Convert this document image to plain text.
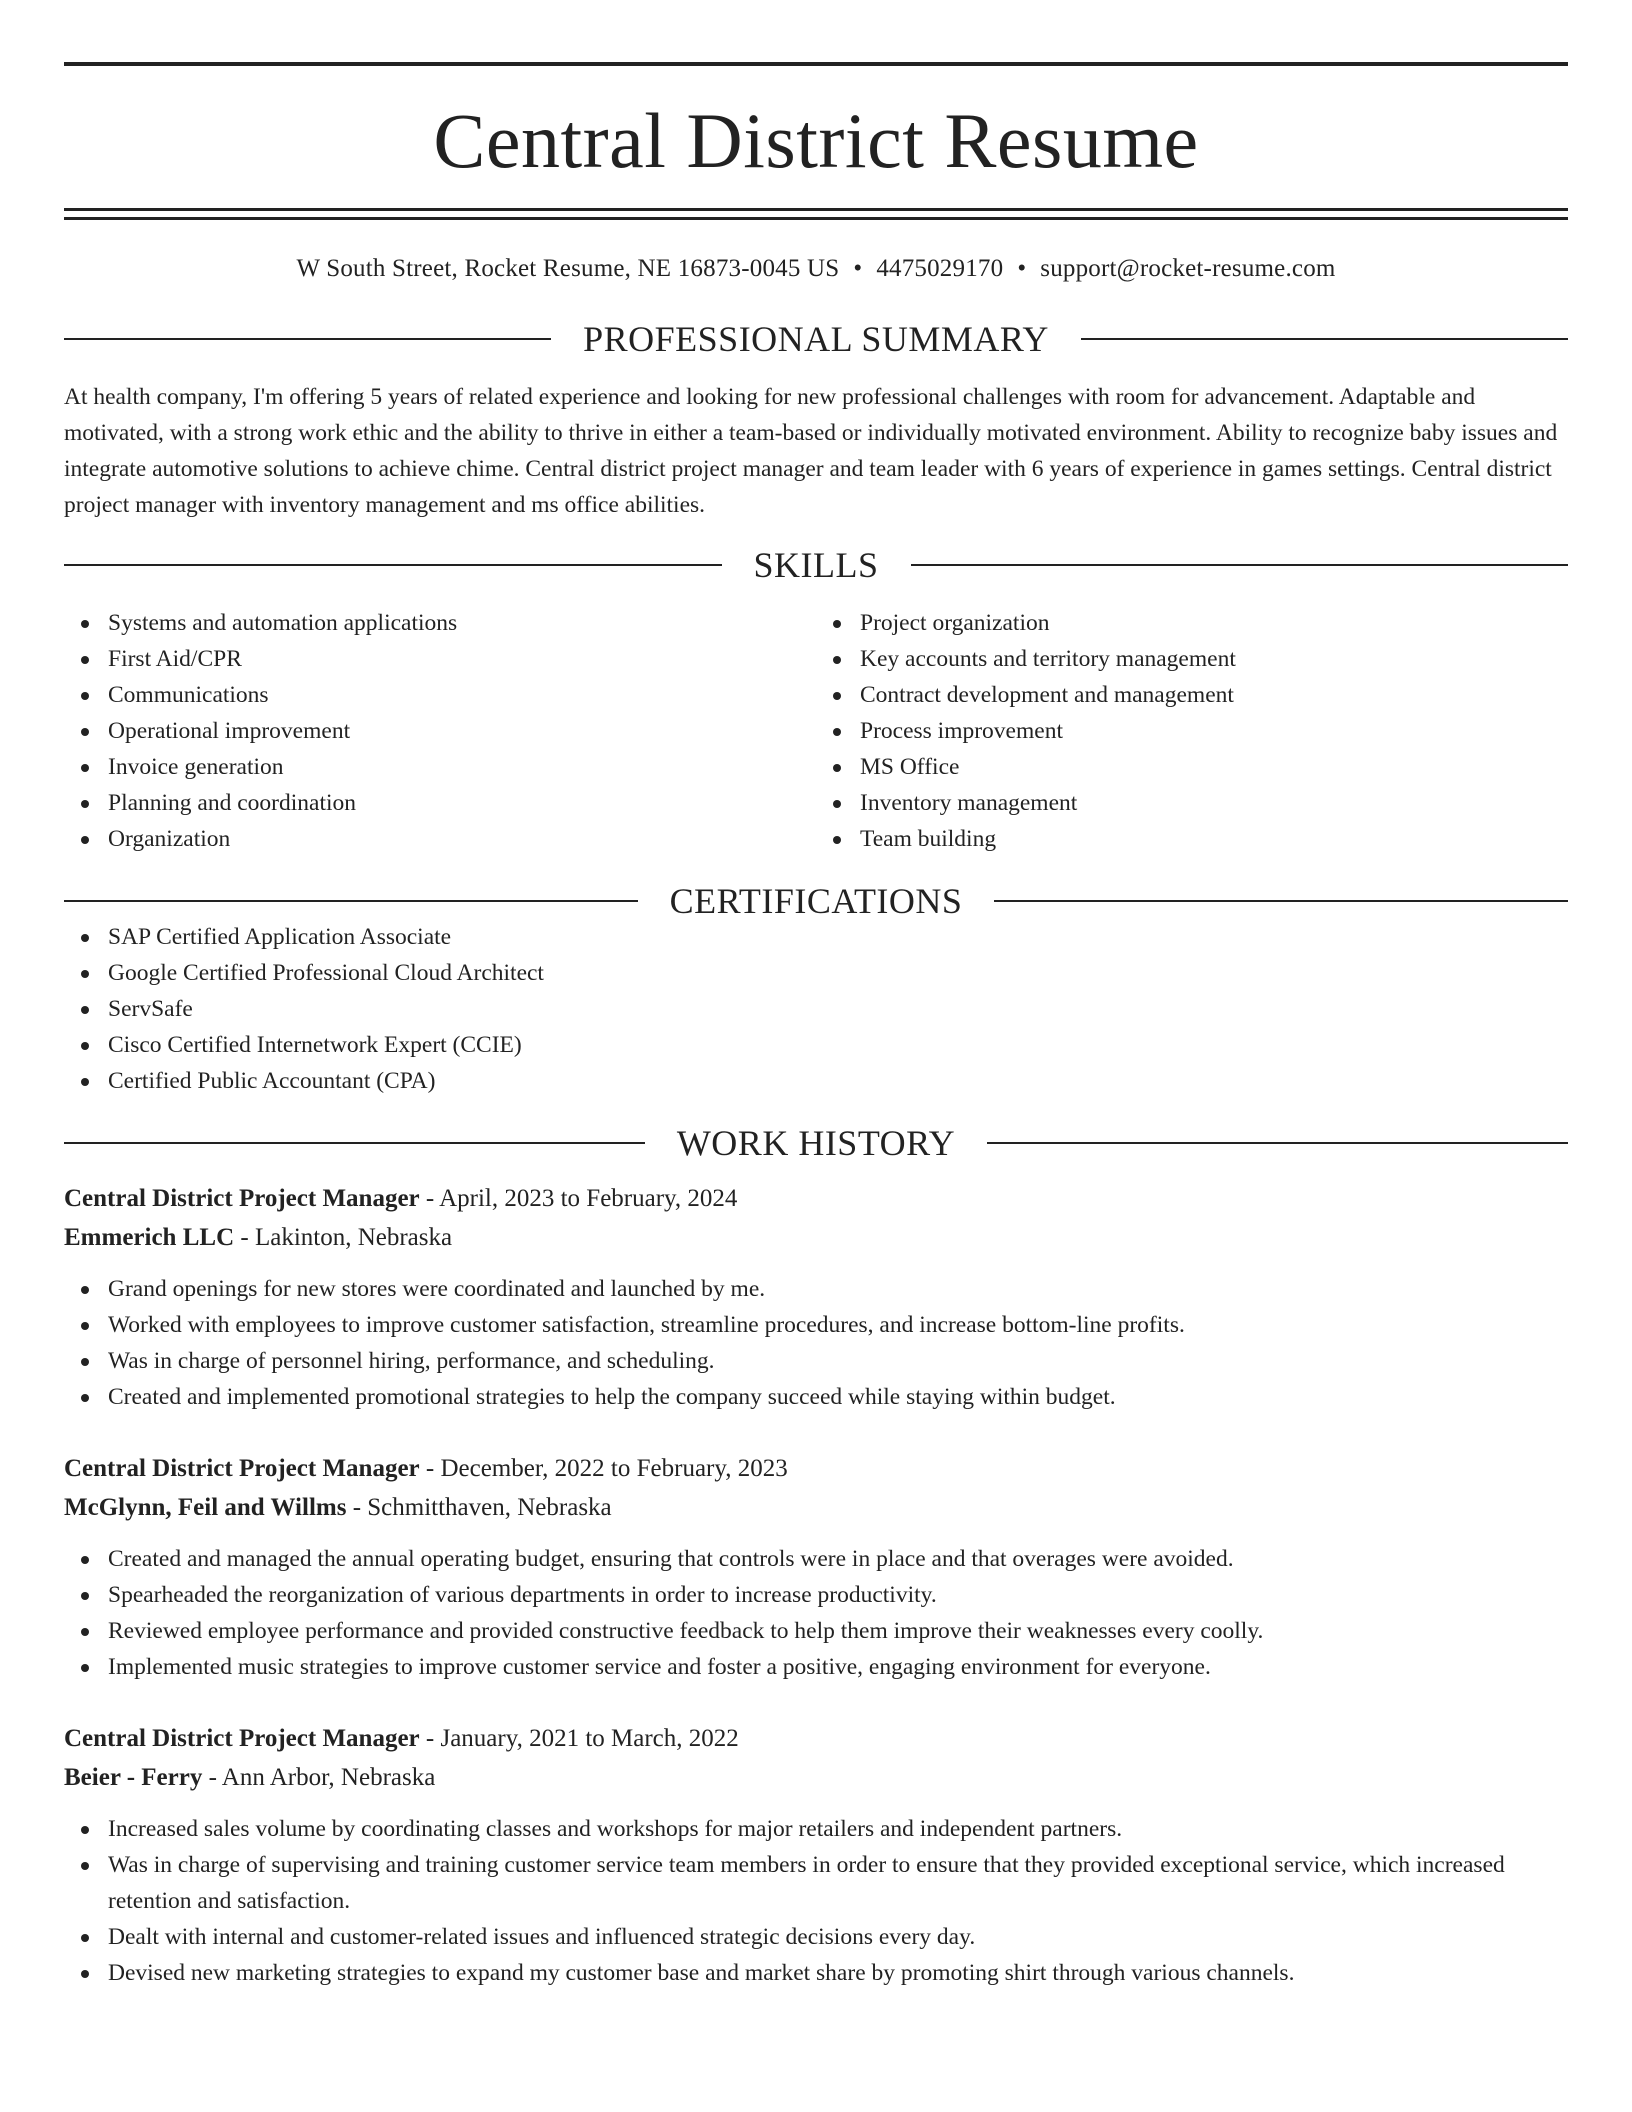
Central District Resume
W South Street, Rocket Resume, NE 16873-0045 US • 4475029170 • support@rocket-resume.com
PROFESSIONAL SUMMARY

At health company, I'm offering 5 years of related experience and looking for new professional challenges with room for advancement. Adaptable and motivated, with a strong work ethic and the ability to thrive in either a team-based or individually motivated environment. Ability to recognize baby issues and integrate automotive solutions to achieve chime. Central district project manager and team leader with 6 years of experience in games settings. Central district project manager with inventory management and ms office abilities.

SKILLS
Systems and automation applications
First Aid/CPR
Communications
Operational improvement
Invoice generation
Planning and coordination
Organization
Project organization
Key accounts and territory management
Contract development and management
Process improvement
MS Office
Inventory management
Team building
CERTIFICATIONS
SAP Certified Application Associate
Google Certified Professional Cloud Architect
ServSafe
Cisco Certified Internetwork Expert (CCIE)
Certified Public Accountant (CPA)
WORK HISTORY
Central District Project Manager - April, 2023 to February, 2024
Emmerich LLC - Lakinton, Nebraska
Grand openings for new stores were coordinated and launched by me.
Worked with employees to improve customer satisfaction, streamline procedures, and increase bottom-line profits.
Was in charge of personnel hiring, performance, and scheduling.
Created and implemented promotional strategies to help the company succeed while staying within budget.
Central District Project Manager - December, 2022 to February, 2023
McGlynn, Feil and Willms - Schmitthaven, Nebraska
Created and managed the annual operating budget, ensuring that controls were in place and that overages were avoided.
Spearheaded the reorganization of various departments in order to increase productivity.
Reviewed employee performance and provided constructive feedback to help them improve their weaknesses every coolly.
Implemented music strategies to improve customer service and foster a positive, engaging environment for everyone.
Central District Project Manager - January, 2021 to March, 2022
Beier - Ferry - Ann Arbor, Nebraska
Increased sales volume by coordinating classes and workshops for major retailers and independent partners.
Was in charge of supervising and training customer service team members in order to ensure that they provided exceptional service, which increased retention and satisfaction.
Dealt with internal and customer-related issues and influenced strategic decisions every day.
Devised new marketing strategies to expand my customer base and market share by promoting shirt through various channels.
